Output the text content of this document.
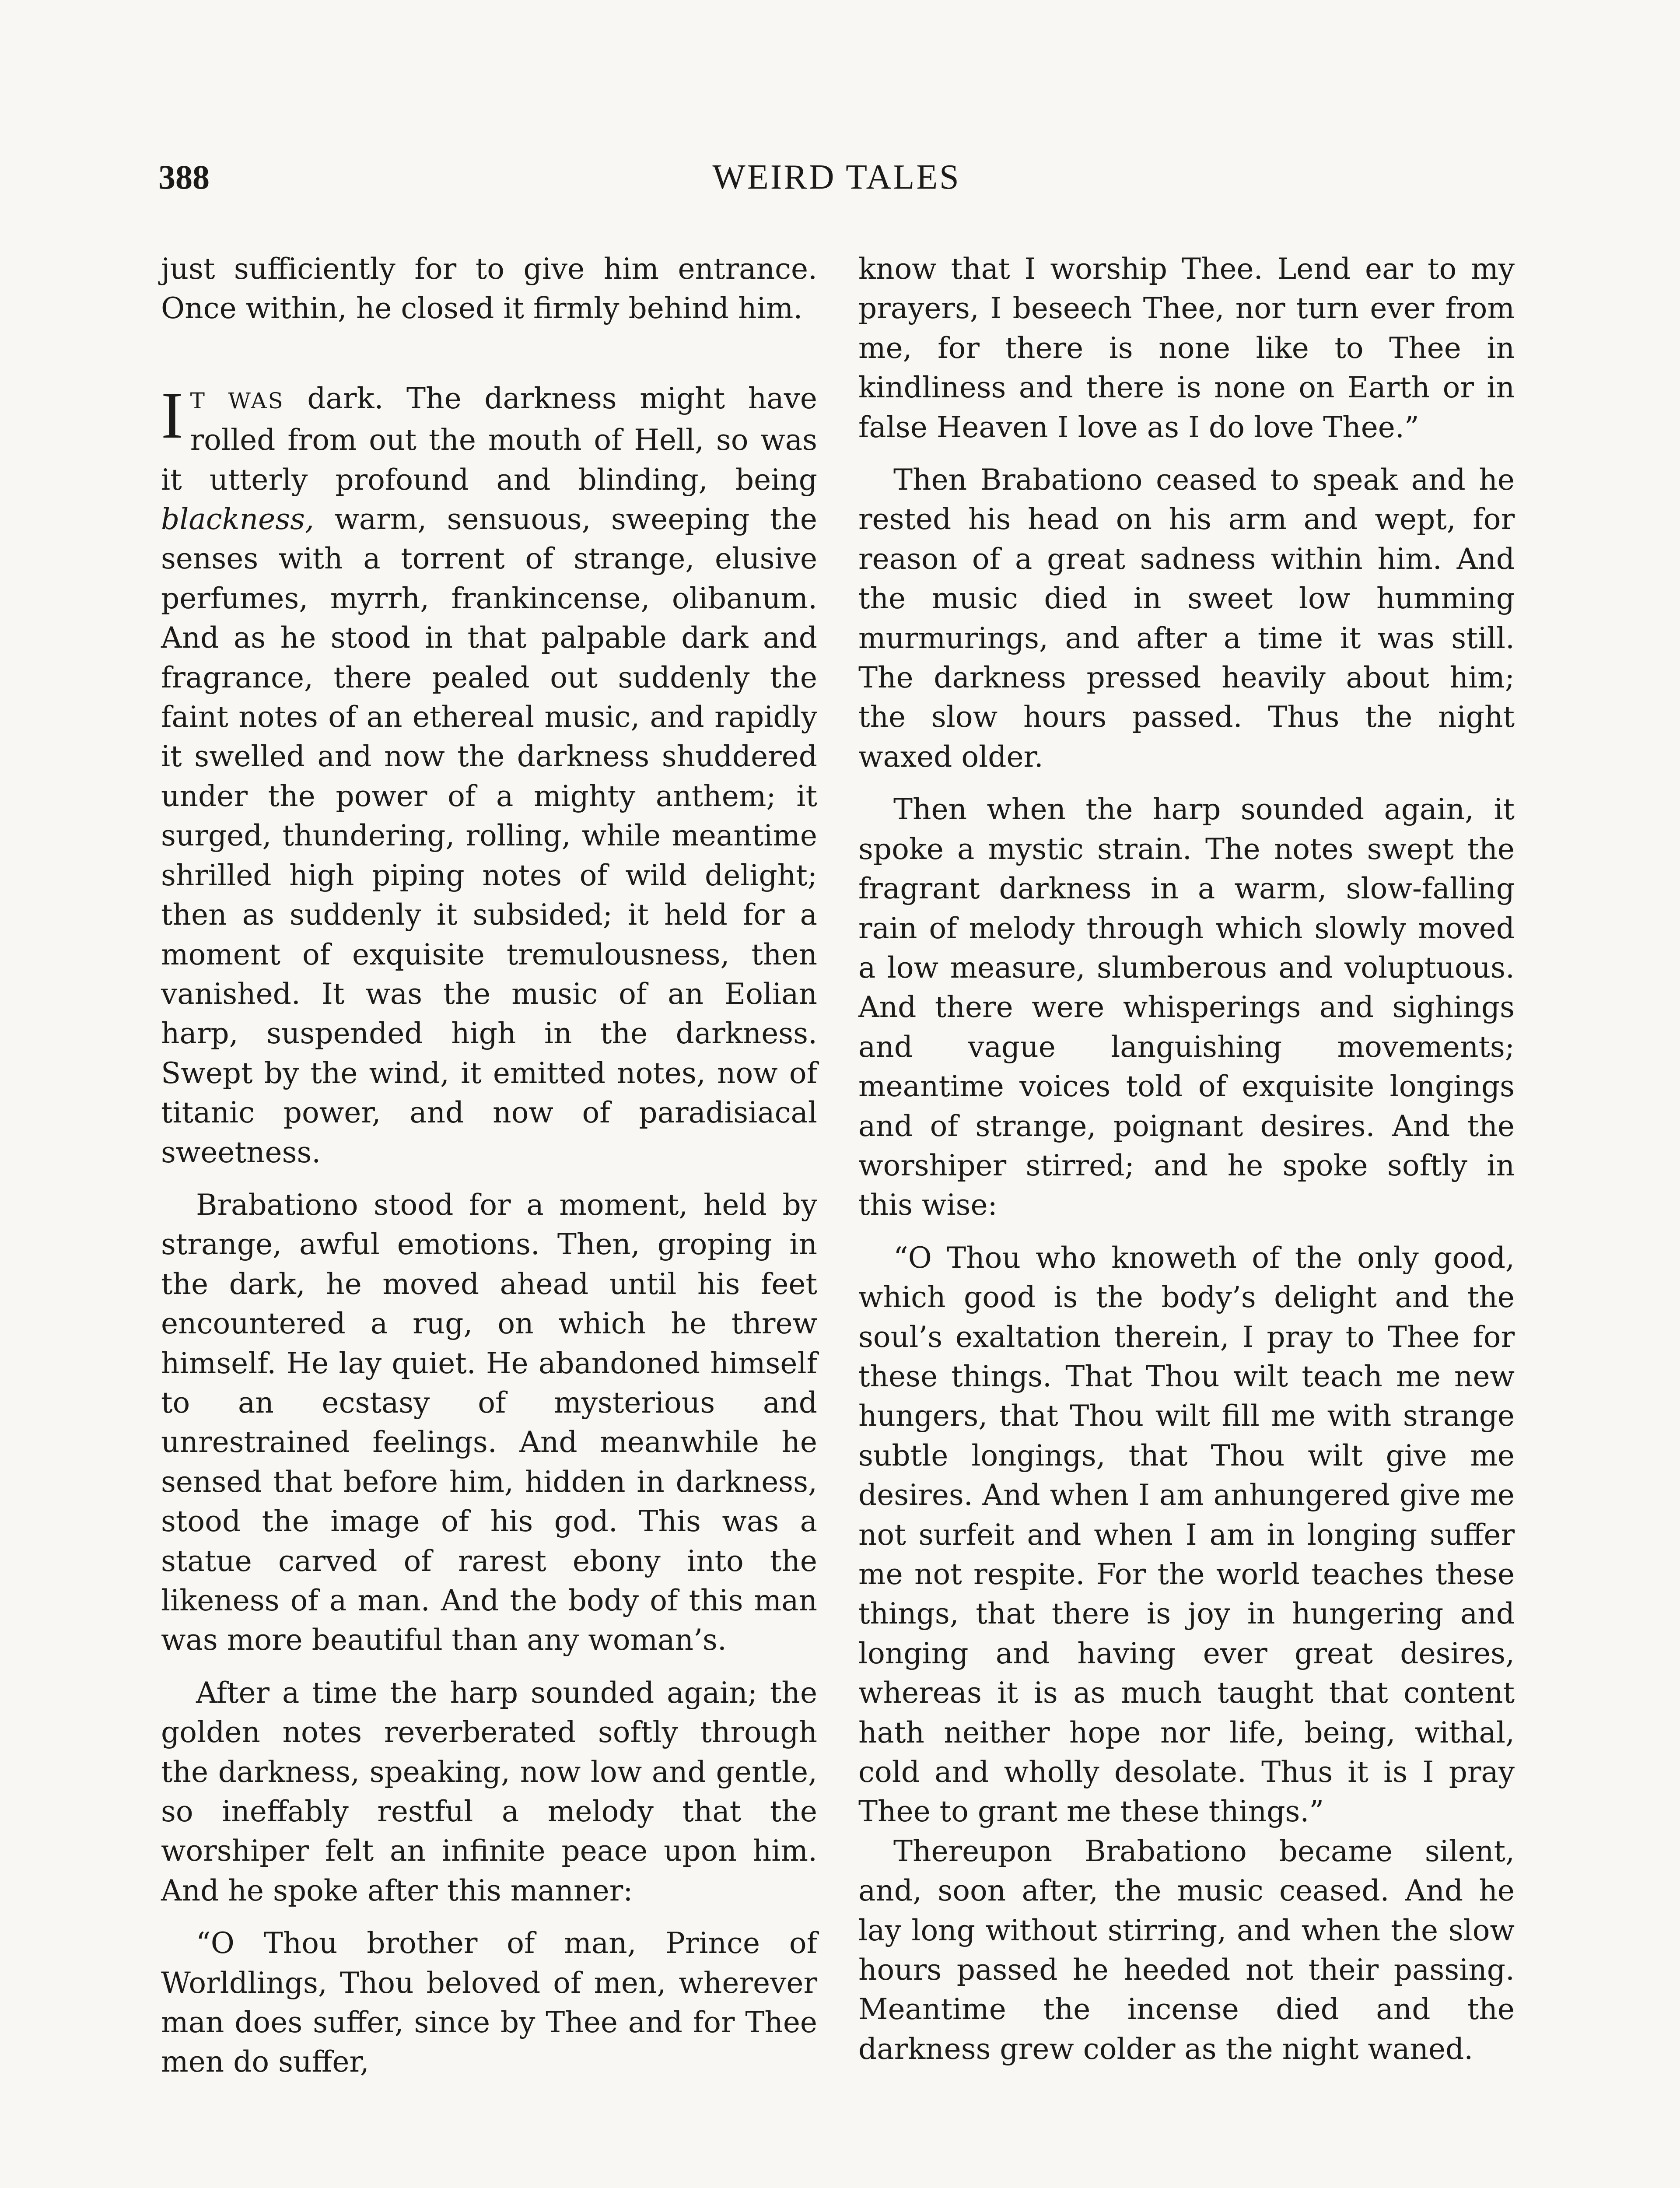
388	WEIRD TALES

just sufficiently for to give him entrance. Once within, he closed it firmly behind him.

IT WAS dark. The darkness might have rolled from out the mouth of Hell, so was it utterly profound and blinding, being blackness, warm, sensuous, sweeping the senses with a torrent of strange, elusive perfumes, myrrh, frankincense, olibanum. And as he stood in that palpable dark and fragrance, there pealed out suddenly the faint notes of an ethereal music, and rapidly it swelled and now the darkness shuddered under the power of a mighty anthem; it surged, thundering, rolling, while meantime shrilled high piping notes of wild delight; then as suddenly it subsided; it held for a moment of exquisite tremulousness, then vanished. It was the music of an Eolian harp, suspended high in the darkness. Swept by the wind, it emitted notes, now of titanic power, and now of paradisiacal sweetness.

Brabationo stood for a moment, held by strange, awful emotions. Then, groping in the dark, he moved ahead until his feet encountered a rug, on which he threw himself. He lay quiet. He abandoned himself to an ecstasy of mysterious and unrestrained feelings. And meanwhile he sensed that before him, hidden in darkness, stood the image of his god. This was a statue carved of rarest ebony into the likeness of a man. And the body of this man was more beautiful than any woman’s.

After a time the harp sounded again; the golden notes reverberated softly through the darkness, speaking, now low and gentle, so ineffably restful a melody that the worshiper felt an infinite peace upon him. And he spoke after this manner:

“O Thou brother of man, Prince of Worldlings, Thou beloved of men, wherever man does suffer, since by Thee and for Thee men do suffer,

know that I worship Thee. Lend ear to my prayers, I beseech Thee, nor turn ever from me, for there is none like to Thee in kindliness and there is none on Earth or in false Heaven I love as I do love Thee.”

Then Brabationo ceased to speak and he rested his head on his arm and wept, for reason of a great sadness within him. And the music died in sweet low humming murmurings, and after a time it was still. The darkness pressed heavily about him; the slow hours passed. Thus the night waxed older.

Then when the harp sounded again, it spoke a mystic strain. The notes swept the fragrant darkness in a warm, slow-falling rain of melody through which slowly moved a low measure, slumberous and voluptuous. And there were whisperings and sighings and vague languishing movements; meantime voices told of exquisite longings and of strange, poignant desires. And the worshiper stirred; and he spoke softly in this wise:

“O Thou who knoweth of the only good, which good is the body’s delight and the soul’s exaltation therein, I pray to Thee for these things. That Thou wilt teach me new hungers, that Thou wilt fill me with strange subtle longings, that Thou wilt give me desires. And when I am anhungered give me not surfeit and when I am in longing suffer me not respite. For the world teaches these things, that there is joy in hungering and longing and having ever great desires, whereas it is as much taught that content hath neither hope nor life, being, withal, cold and wholly desolate. Thus it is I pray Thee to grant me these things.”

Thereupon Brabationo became silent, and, soon after, the music ceased. And he lay long without stirring, and when the slow hours passed he heeded not their passing. Meantime the incense died and the darkness grew colder as the night waned.
